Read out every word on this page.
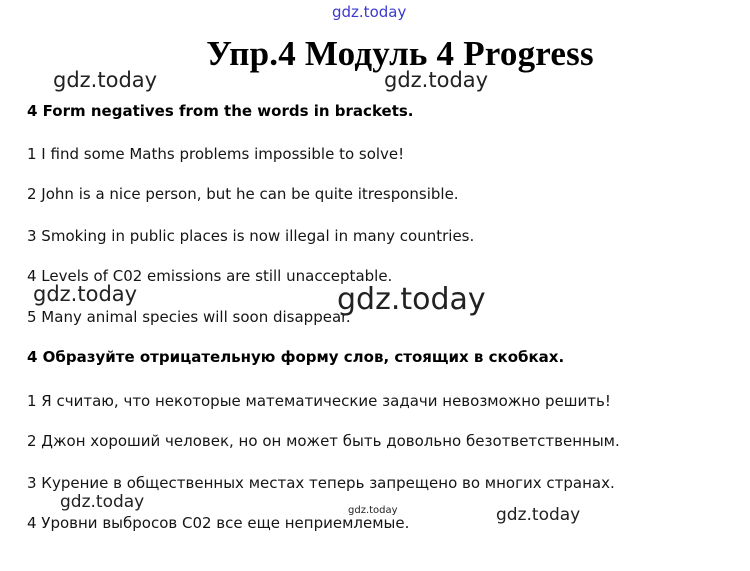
Упр.4 Модуль 4 Progress
4 Form negatives from the words in brackets.
1 I find some Maths problems impossible to solve!
2 John is a nice person, but he can be quite itresponsible.
3 Smoking in public places is now illegal in many countries.
4 Levels of C02 emissions are still unacceptable.
5 Many animal species will soon disappear.
4 Образуйте отрицательную форму слов, стоящих в скобках.
1 Я считаю, что некоторые математические задачи невозможно решить!
2 Джон хороший человек, но он может быть довольно безответственным.
3 Курение в общественных местах теперь запрещено во многих странах.
4 Уровни выбросов С02 все еще неприемлемые.
gdz.today
gdz.today	gdz.today
gdz.today	gdz.today
gdz.today	gdz.today	gdz.today
